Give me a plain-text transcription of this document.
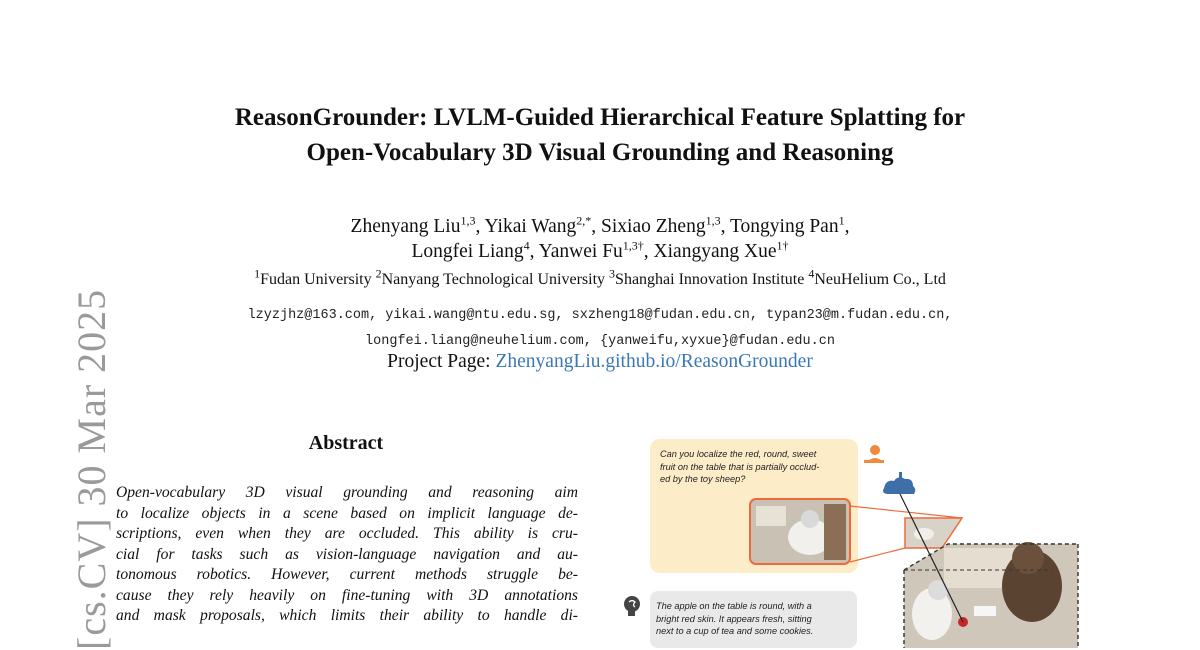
[cs.CV] 30 Mar 2025
ReasonGrounder: LVLM-Guided Hierarchical Feature Splatting for
Open-Vocabulary 3D Visual Grounding and Reasoning
Zhenyang Liu$^{1,3}$, Yikai Wang$^{2,*}$, Sixiao Zheng$^{1,3}$, Tongying Pan$^1$,
Longfei Liang$^4$, Yanwei $Fu^{1,3\dagger}$, Xiangyang Xue$^{1\dagger}$
$^1$Fudan University $^2$Nanyang Technological University $^3$Shanghai Innovation Institute $^4$NeuHelium Co., Ltd
lzyzjhz@163.com, yikai.wang@ntu.edu.sg, sxzheng18@fudan.edu.cn, typan23@m.fudan.edu.cn,
longfei.liang@neuhelium.com, {yanweifu,xyxue}@fudan.edu.cn
Project Page: ZhenyangLiu.github.io/ReasonGrounder
Abstract
Open-vocabulary 3D visual grounding and reasoning aim
to localize objects in a scene based on implicit language de-
scriptions, even when they are occluded. This ability is cru-
cial for tasks such as vision-language navigation and au-
tonomous robotics. However, current methods struggle be-
cause they rely heavily on fine-tuning with 3D annotations
and mask proposals, which limits their ability to handle di-
Can you localize the red, round, sweet
fruit on the table that is partially occlud-
ed by the toy sheep?
The apple on the table is round, with a
bright red skin. It appears fresh, sitting
next to a cup of tea and some cookies.
